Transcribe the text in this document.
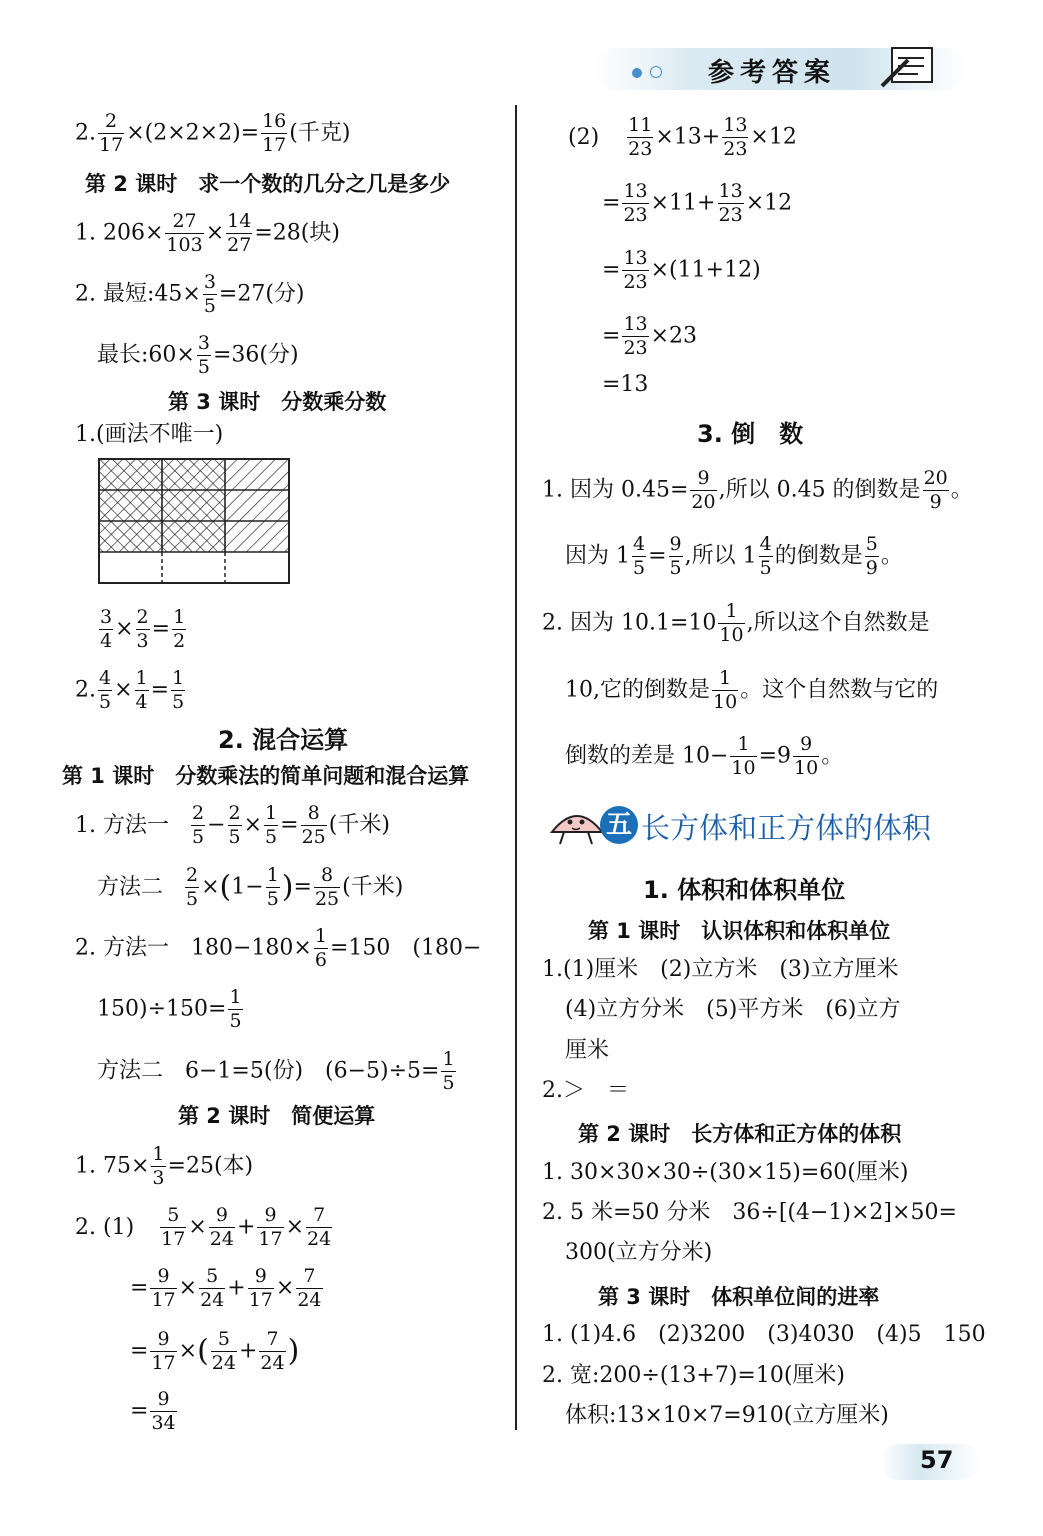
参考答案
2. $\frac{2}{17} \times(2\times 2\times 2)= \frac{16}{17}$ (千克)
第 2 课时　求一个数的几分之几是多少
1. $206\times \frac{27}{103} \times \frac{14}{27} =28$(块)
2. 最短:45× $\frac{3}{5} =27$(分)
最长:60× $\frac{3}{5} =36$(分)
第 3 课时　分数乘分数
1.(画法不唯一)
$\frac{3}{4} \times \frac{2}{3} = \frac{1}{2}$
2. $\frac{4}{5} \times \frac{1}{4} = \frac{1}{5}$
2. 混合运算
第 1 课时　分数乘法的简单问题和混合运算
1. 方法一 $\frac{2}{5} - \frac{2}{5} \times \frac{1}{5} = \frac{8}{25}$ (千米)
方法二 $\frac{2}{5} \times(1- \frac{1}{5}$ )= $\frac{8}{25}$ (千米)
2. 方法一　$180-180\times \frac{1}{6} =150$　(180−
$150)\div 150= \frac{1}{5}$
方法二　6−1=5(份)　$(6-5)\div 5= \frac{1}{5}$
第 2 课时　简便运算
1. $75\times \frac{1}{3} =25$(本)
2. $(1) \frac{5}{17} \times \frac{9}{24} + \frac{9}{17} \times \frac{7}{24}$
= $\frac{9}{17} \times \frac{5}{24} + \frac{9}{17} \times \frac{7}{24}$
= $\frac{9}{17}$ ×( $\frac{5}{24} + \frac{7}{24}$ )
= $\frac{9}{34}$
$(2) \frac{11}{23} \times 13+ \frac{13}{23} \times 12$
= $\frac{13}{23} \times 11+ \frac{13}{23} \times 12$
= $\frac{13}{23} \times(11+12)$
= $\frac{13}{23} \times 23$
=13
3. 倒　数
1. 因为 $0.45= \frac{9}{20}$ ,所以 0.45 的倒数是 $\frac{20}{9}$ 。
因为 $1 \frac{4}{5} = \frac{9}{5}$ ,所以 $1 \frac{4}{5}$ 的倒数是 $\frac{5}{9}$ 。
2. 因为 $10.1=10 \frac{1}{10}$ ,所以这个自然数是
10,它的倒数是 $\frac{1}{10}$ 。这个自然数与它的
倒数的差是 $10- \frac{1}{10} =9 \frac{9}{10}$ 。
五 长方体和正方体的体积
1. 体积和体积单位
第 1 课时　认识体积和体积单位
1.(1)厘米　(2)立方米　(3)立方厘米
(4)立方分米　(5)平方米　(6)立方
厘米
2.＞　＝
第 2 课时　长方体和正方体的体积
1. 30×30×30÷(30×15)=60(厘米)
2. 5 米=50 分米　36÷[(4−1)×2]×50=
300(立方分米)
第 3 课时　体积单位间的进率
1. (1)4.6　(2)3200　(3)4030　(4)5　150
2. 宽:200÷(13+7)=10(厘米)
体积:13×10×7=910(立方厘米)
57
